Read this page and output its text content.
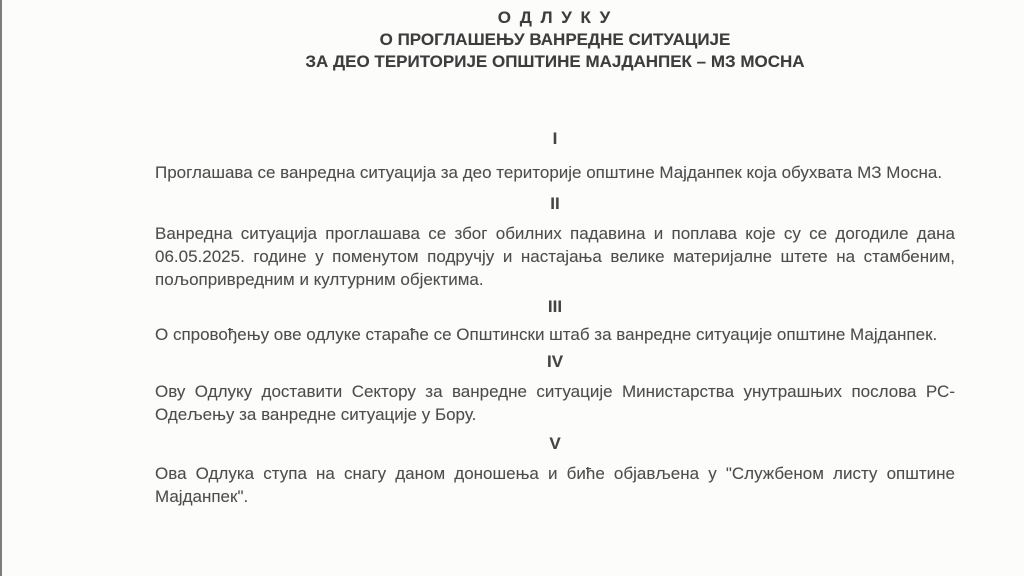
О Д Л У К У
О ПРОГЛАШЕЊУ ВАНРЕДНЕ СИТУАЦИЈЕ
ЗА ДЕО ТЕРИТОРИЈЕ ОПШТИНЕ МАЈДАНПЕК – МЗ МОСНА
I

Проглашава се ванредна ситуација за део територије општине Мајданпек која обухвата МЗ Мосна.

II

Ванредна ситуација проглашава се због обилних падавина и поплава које су се догодиле дана 06.05.2025. године у поменутом подручју и настајања велике материјалне штете на стамбеним, пољопривредним и културним објектима.

III

О спровођењу ове одлуке стараће се Општински штаб за ванредне ситуације општине Мајданпек.

IV

Ову Одлуку доставити Сектору за ванредне ситуације Министарства унутрашњих послова РС- Одељењу за ванредне ситуације у Бору.

V

Ова Одлука ступа на снагу даном доношења и биће објављена у "Службеном листу општине Мајданпек".
